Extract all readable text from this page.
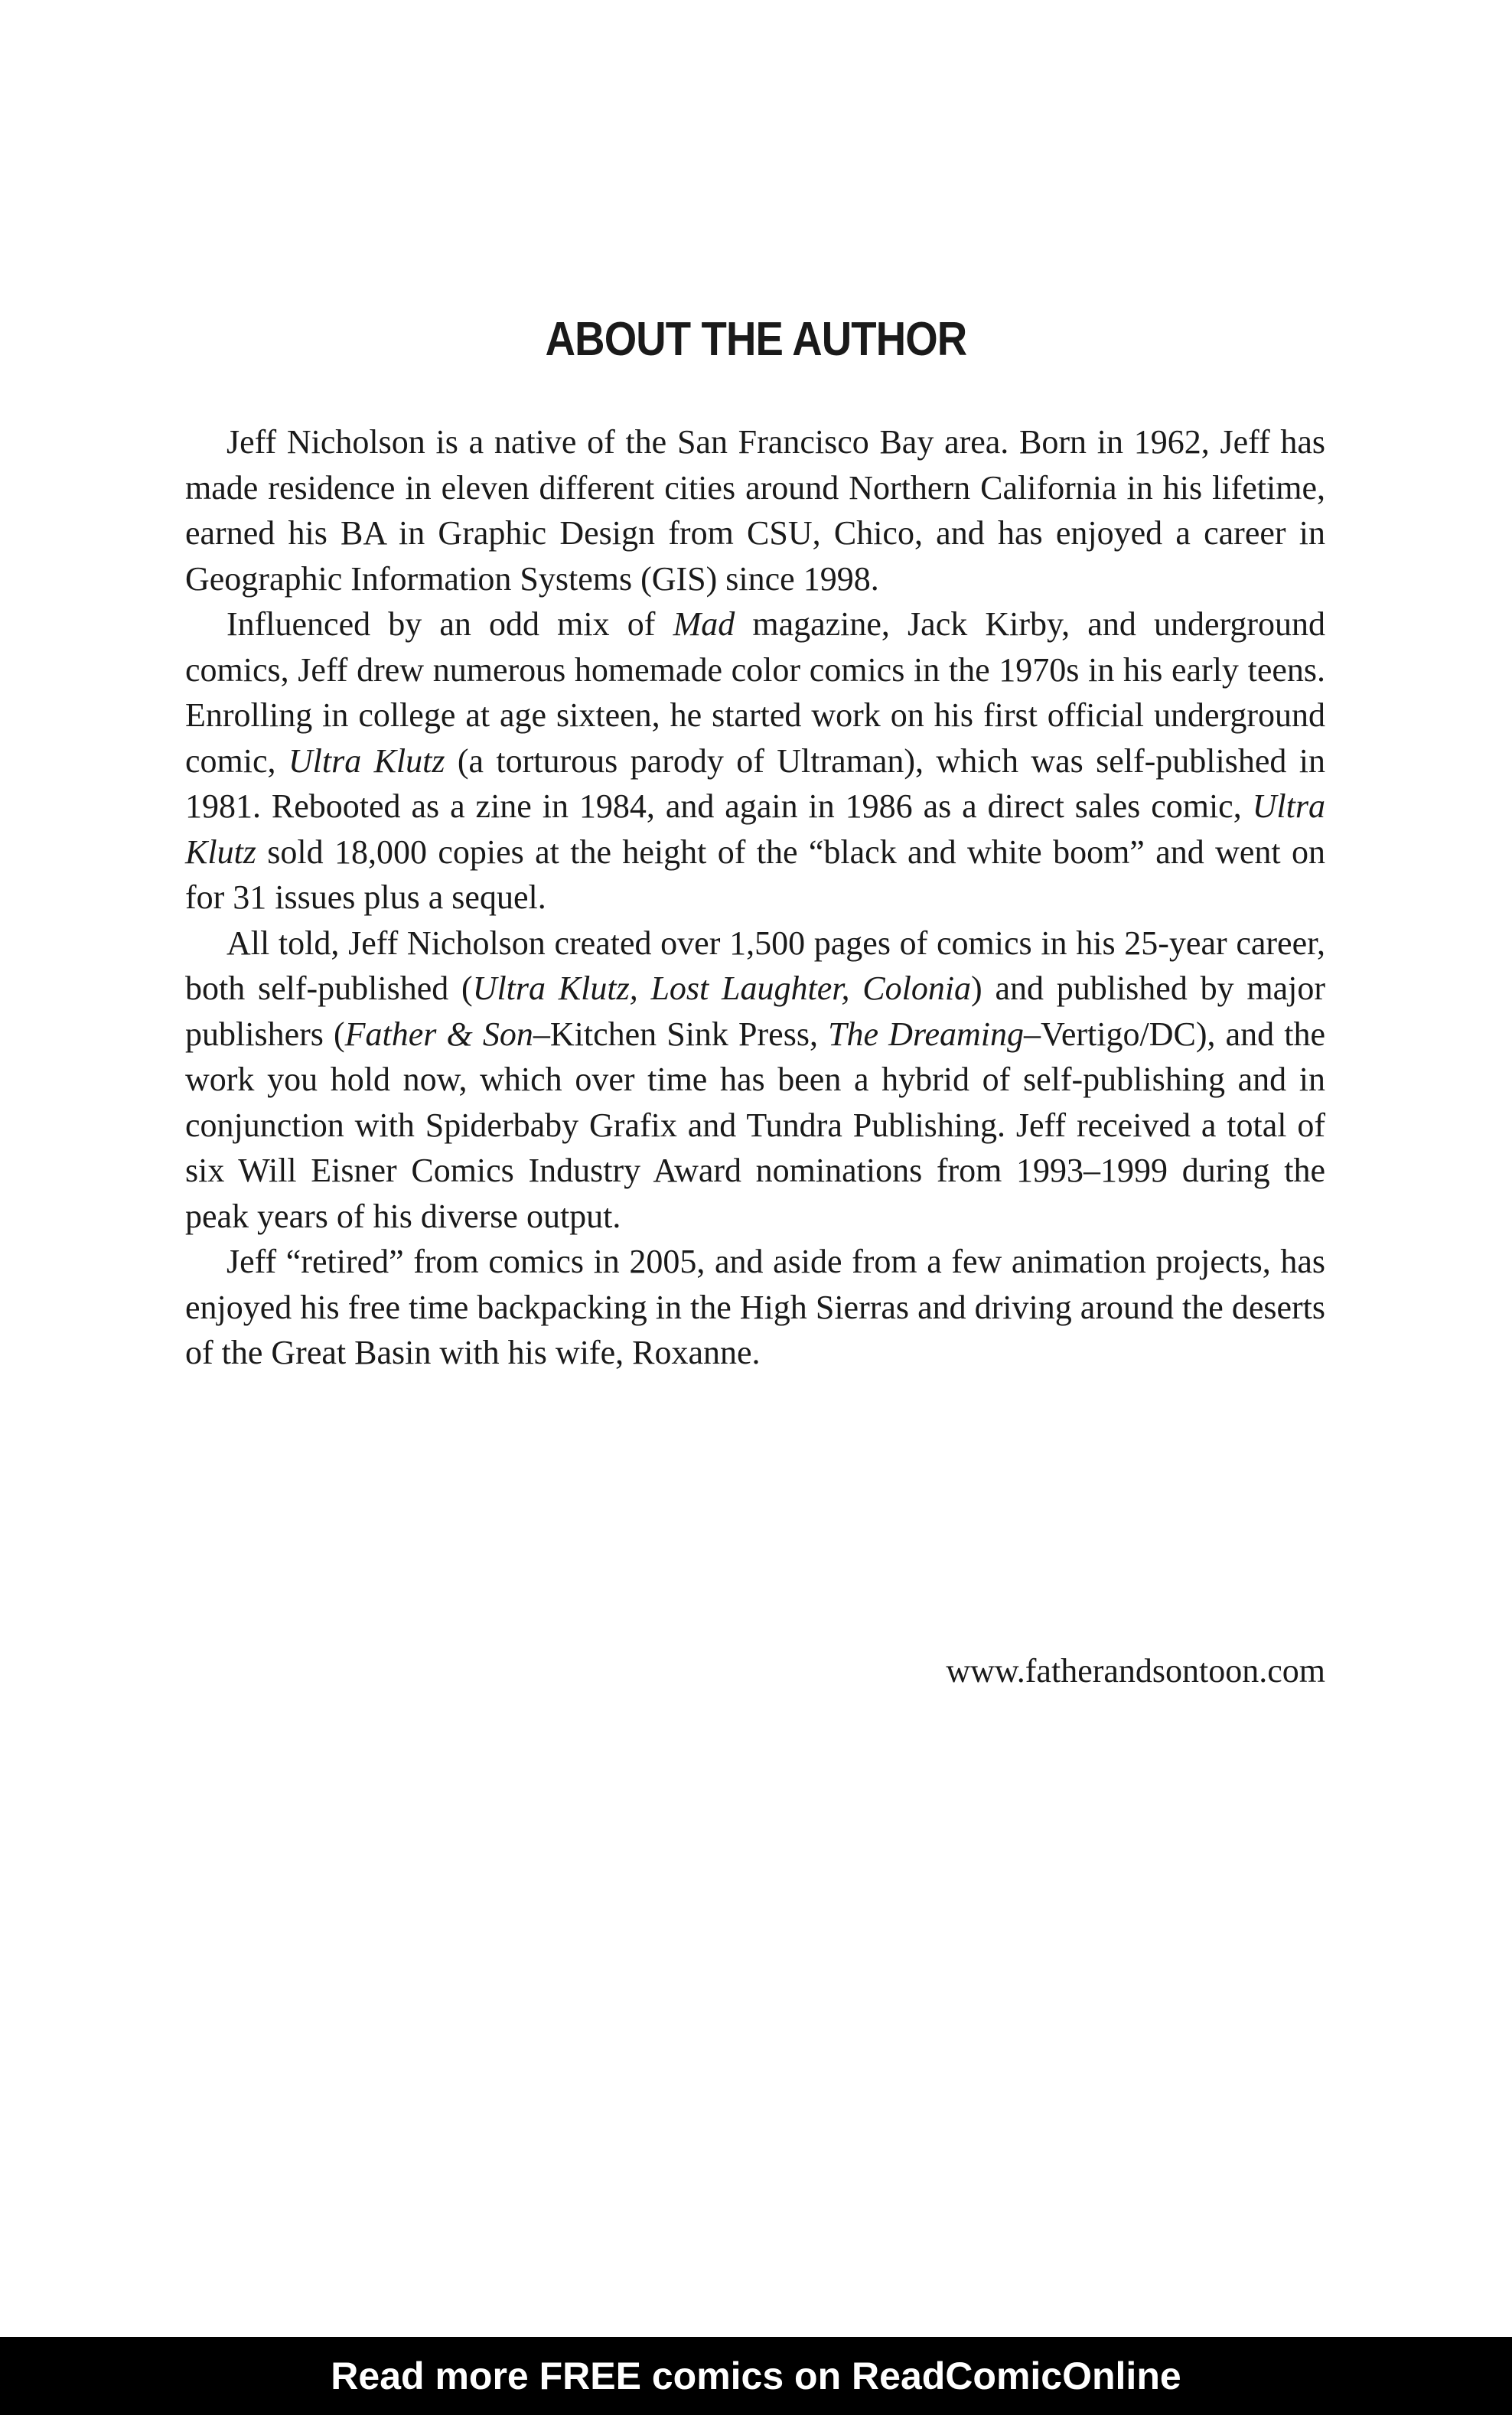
ABOUT THE AUTHOR

Jeff Nicholson is a native of the San Francisco Bay area. Born in 1962, Jeff has made residence in eleven different cities around Northern California in his lifetime, earned his BA in Graphic Design from CSU, Chico, and has enjoyed a career in Geographic Information Systems (GIS) since 1998.

Influenced by an odd mix of Mad magazine, Jack Kirby, and underground comics, Jeff drew numerous homemade color comics in the 1970s in his early teens. Enrolling in college at age sixteen, he started work on his first official underground comic, Ultra Klutz (a torturous parody of Ultraman), which was self-published in 1981. Rebooted as a zine in 1984, and again in 1986 as a direct sales comic, Ultra Klutz sold 18,000 copies at the height of the “black and white boom” and went on for 31 issues plus a sequel.

All told, Jeff Nicholson created over 1,500 pages of comics in his 25-year career, both self-published (Ultra Klutz, Lost Laughter, Colonia) and published by major publishers (Father & Son–Kitchen Sink Press, The Dreaming–Vertigo/DC), and the work you hold now, which over time has been a hybrid of self-publishing and in conjunction with Spiderbaby Grafix and Tundra Publishing. Jeff received a total of six Will Eisner Comics Industry Award nominations from 1993–1999 during the peak years of his diverse output.

Jeff “retired” from comics in 2005, and aside from a few animation projects, has enjoyed his free time backpacking in the High Sierras and driving around the deserts of the Great Basin with his wife, Roxanne.

www.fatherandsontoon.com

Read more FREE comics on ReadComicOnline
